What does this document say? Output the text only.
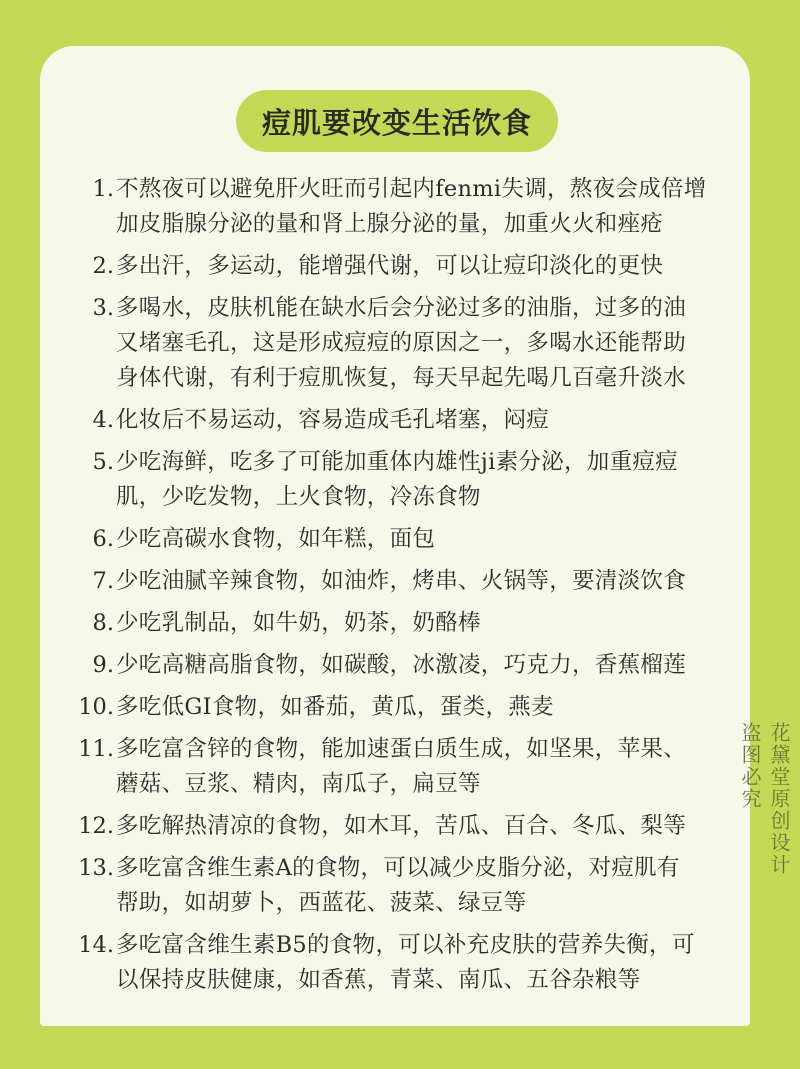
痘肌要改变生活饮食
1. 不熬夜可以避免肝火旺而引起内fenmi失调，熬夜会成倍增
加皮脂腺分泌的量和肾上腺分泌的量，加重火火和痤疮
2. 多出汗，多运动，能增强代谢，可以让痘印淡化的更快
3. 多喝水，皮肤机能在缺水后会分泌过多的油脂，过多的油
又堵塞毛孔，这是形成痘痘的原因之一，多喝水还能帮助
身体代谢，有利于痘肌恢复，每天早起先喝几百毫升淡水
4. 化妆后不易运动，容易造成毛孔堵塞，闷痘
5. 少吃海鲜，吃多了可能加重体内雄性ji素分泌，加重痘痘
肌，少吃发物，上火食物，冷冻食物
6. 少吃高碳水食物，如年糕，面包
7. 少吃油腻辛辣食物，如油炸，烤串、火锅等，要清淡饮食
8. 少吃乳制品，如牛奶，奶茶，奶酪棒
9. 少吃高糖高脂食物，如碳酸，冰激凌，巧克力，香蕉榴莲
10. 多吃低GI食物，如番茄，黄瓜，蛋类，燕麦
11. 多吃富含锌的食物，能加速蛋白质生成，如坚果，苹果、
蘑菇、豆浆、精肉，南瓜子，扁豆等
12. 多吃解热清凉的食物，如木耳，苦瓜、百合、冬瓜、梨等
13. 多吃富含维生素A的食物，可以减少皮脂分泌，对痘肌有
帮助，如胡萝卜，西蓝花、菠菜、绿豆等
14. 多吃富含维生素B5的食物，可以补充皮肤的营养失衡，可
以保持皮肤健康，如香蕉，青菜、南瓜、五谷杂粮等
花黛堂原创设计
盗图必究
